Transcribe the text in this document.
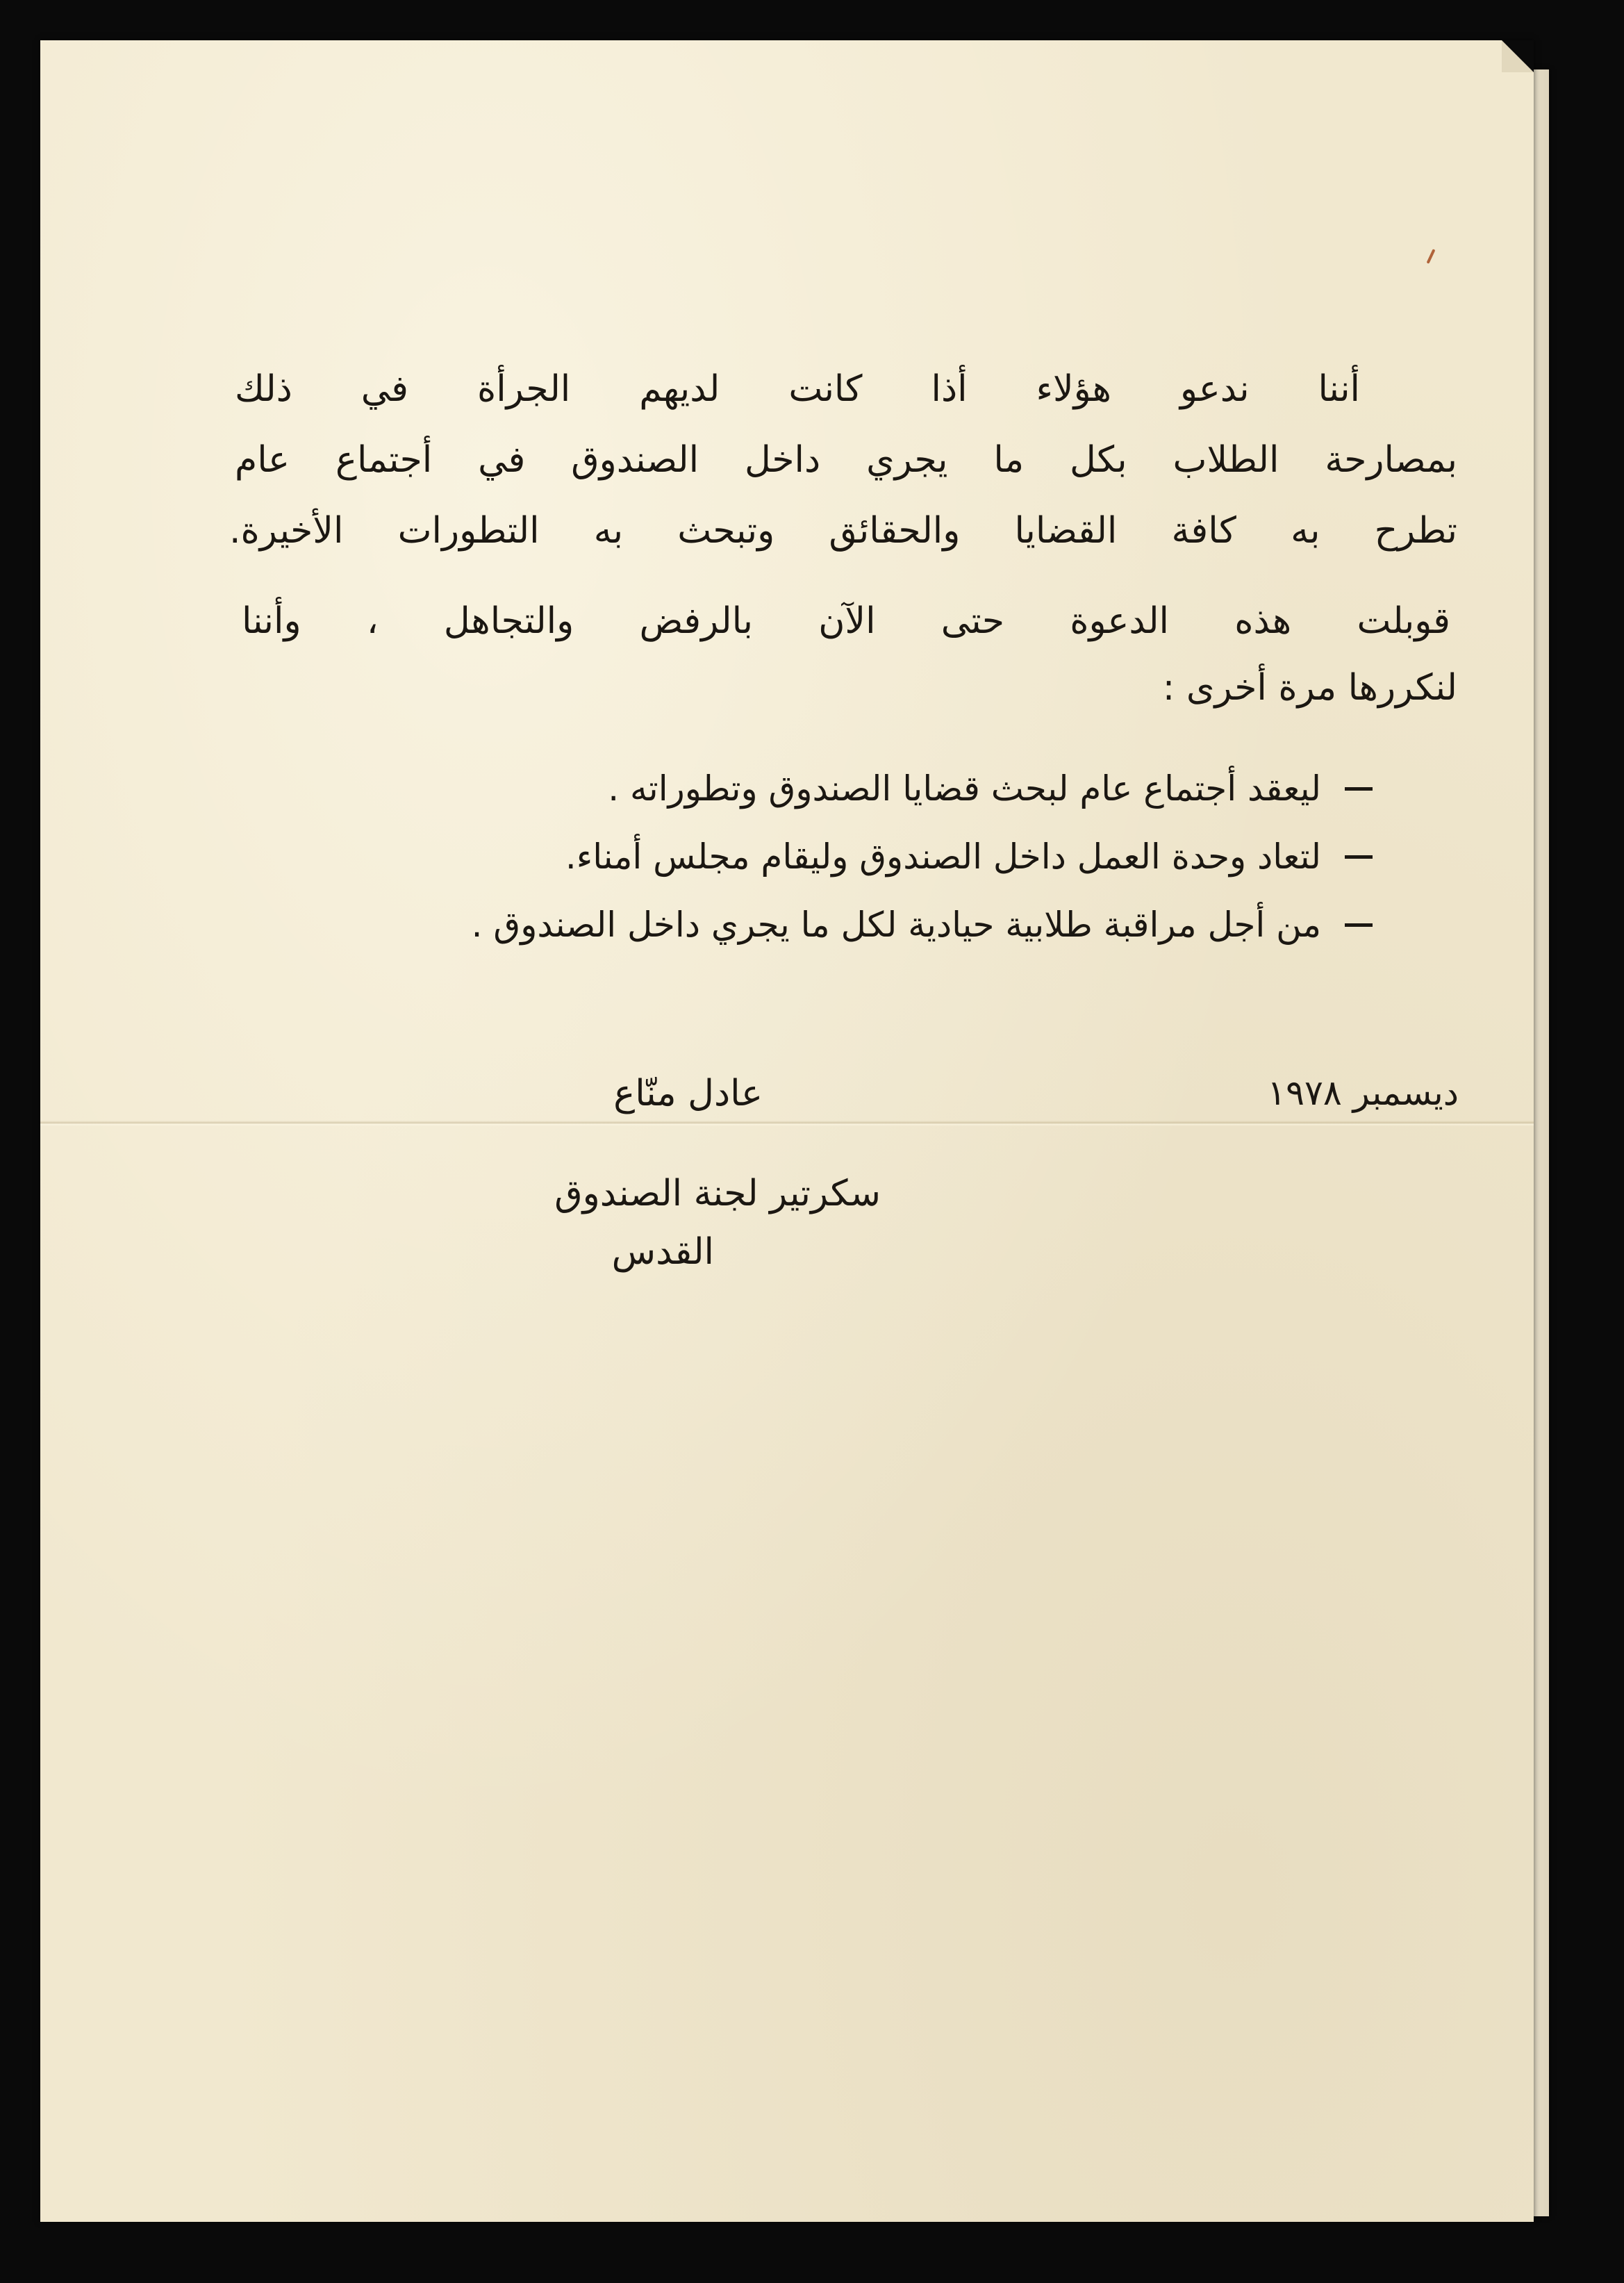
أننا ندعو هؤلاء أذا كانت لديهم الجرأة في ذلك
بمصارحة الطلاب بكل ما يجري داخل الصندوق في أجتماع عام
تطرح به كافة القضايا والحقائق وتبحث به التطورات الأخيرة.
قوبلت هذه الدعوة حتى الآن بالرفض والتجاهل ، وأننا
لنكررها مرة أخرى :
ليعقد أجتماع عام لبحث قضايا الصندوق وتطوراته .
لتعاد وحدة العمل داخل الصندوق وليقام مجلس أمناء.
من أجل مراقبة طلابية حيادية لكل ما يجري داخل الصندوق .
ديسمبر ١٩٧٨
عادل منّاع
سكرتير لجنة الصندوق
القدس
